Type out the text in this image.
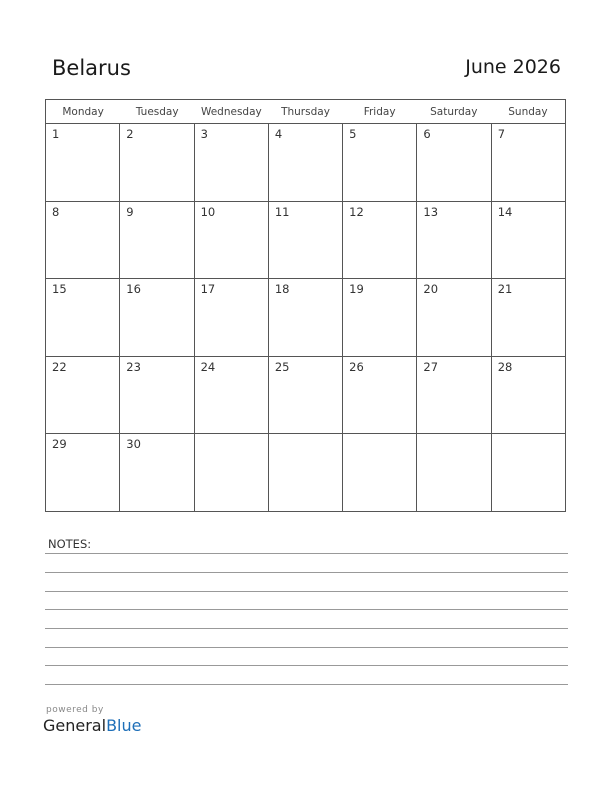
Belarus	June 2026
Monday	Tuesday	Wednesday	Thursday	Friday	Saturday	Sunday
1	2	3	4	5	6	7
8	9	10	11	12	13	14
15	16	17	18	19	20	21
22	23	24	25	26	27	28
29	30
NOTES:
powered by
GeneralBlue
